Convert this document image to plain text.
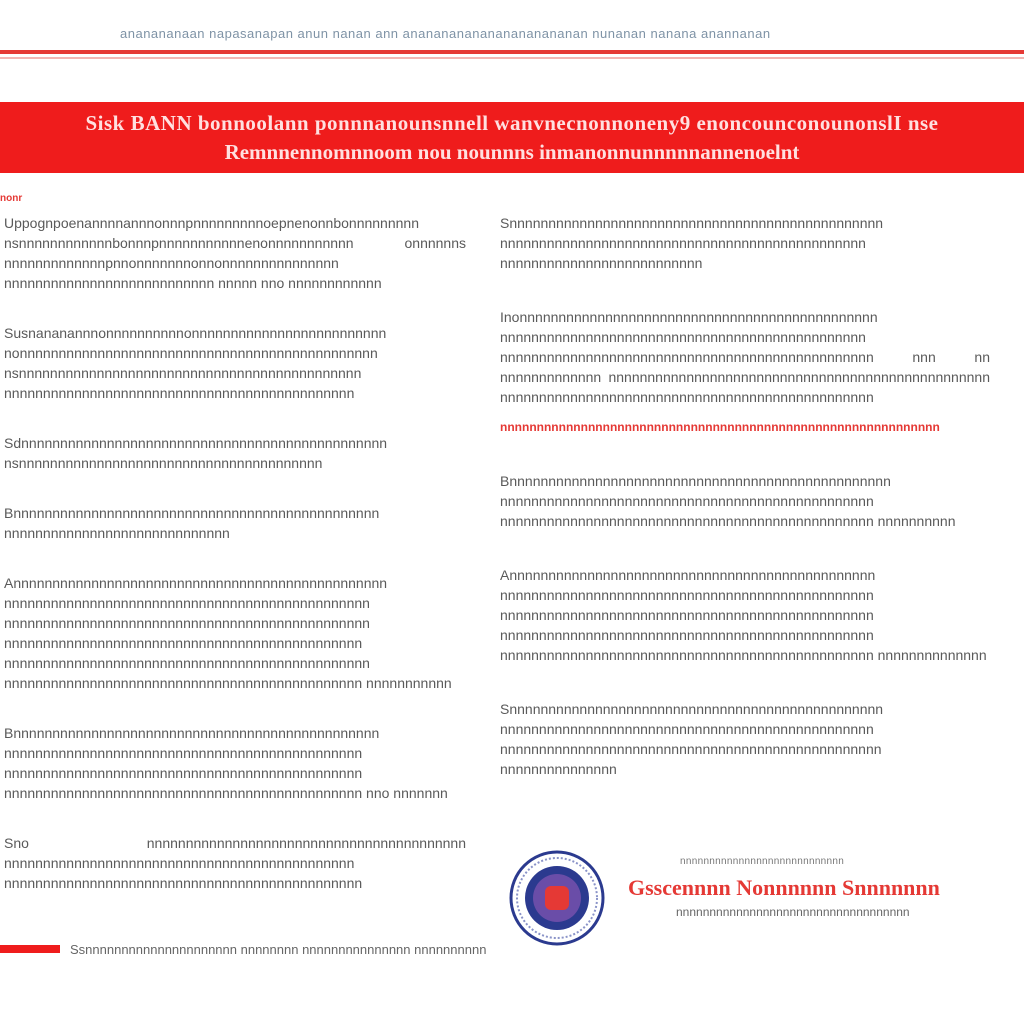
ananananaan napasanapan anun nanan ann anananananananananananan nunanan nanana anannanan
Sisk BANN bonnoolann ponnnanounsnnell wanvnecnonnoneny9 enoncounconounonslI nse
Remnnennomnnoom nou nounnns inmanonnunnnnnannenoelnt
nonr

Uppognpoenannnnannnonnnpnnnnnnnnnoepnenonnbonnnnnnnnn nsnnnnnnnnnnnnbonnnpnnnnnnnnnnnenonnnnnnnnnnn onnnnnns nnnnnnnnnnnnnpnnonnnnnnnonnonnnnnnnnnnnnnnn nnnnnnnnnnnnnnnnnnnnnnnnnnn nnnnn nno nnnnnnnnnnnn

Susnananannnonnnnnnnnnnonnnnnnnnnnnnnnnnnnnnnnnnn nonnnnnnnnnnnnnnnnnnnnnnnnnnnnnnnnnnnnnnnnnnnnnn nsnnnnnnnnnnnnnnnnnnnnnnnnnnnnnnnnnnnnnnnnnnnn nnnnnnnnnnnnnnnnnnnnnnnnnnnnnnnnnnnnnnnnnnnnn

Sdnnnnnnnnnnnnnnnnnnnnnnnnnnnnnnnnnnnnnnnnnnnnnnn nsnnnnnnnnnnnnnnnnnnnnnnnnnnnnnnnnnnnnnnn

Bnnnnnnnnnnnnnnnnnnnnnnnnnnnnnnnnnnnnnnnnnnnnnnn nnnnnnnnnnnnnnnnnnnnnnnnnnnnn

Annnnnnnnnnnnnnnnnnnnnnnnnnnnnnnnnnnnnnnnnnnnnnnn nnnnnnnnnnnnnnnnnnnnnnnnnnnnnnnnnnnnnnnnnnnnnnn nnnnnnnnnnnnnnnnnnnnnnnnnnnnnnnnnnnnnnnnnnnnnnn nnnnnnnnnnnnnnnnnnnnnnnnnnnnnnnnnnnnnnnnnnnnnn nnnnnnnnnnnnnnnnnnnnnnnnnnnnnnnnnnnnnnnnnnnnnnn nnnnnnnnnnnnnnnnnnnnnnnnnnnnnnnnnnnnnnnnnnnnnn nnnnnnnnnnn

Bnnnnnnnnnnnnnnnnnnnnnnnnnnnnnnnnnnnnnnnnnnnnnnn nnnnnnnnnnnnnnnnnnnnnnnnnnnnnnnnnnnnnnnnnnnnnn nnnnnnnnnnnnnnnnnnnnnnnnnnnnnnnnnnnnnnnnnnnnnn nnnnnnnnnnnnnnnnnnnnnnnnnnnnnnnnnnnnnnnnnnnnnn nno nnnnnnn

Sno nnnnnnnnnnnnnnnnnnnnnnnnnnnnnnnnnnnnnnnnn nnnnnnnnnnnnnnnnnnnnnnnnnnnnnnnnnnnnnnnnnnnnn nnnnnnnnnnnnnnnnnnnnnnnnnnnnnnnnnnnnnnnnnnnnnn

Snnnnnnnnnnnnnnnnnnnnnnnnnnnnnnnnnnnnnnnnnnnnnnnn nnnnnnnnnnnnnnnnnnnnnnnnnnnnnnnnnnnnnnnnnnnnnnn nnnnnnnnnnnnnnnnnnnnnnnnnn

Inonnnnnnnnnnnnnnnnnnnnnnnnnnnnnnnnnnnnnnnnnnnnnn nnnnnnnnnnnnnnnnnnnnnnnnnnnnnnnnnnnnnnnnnnnnnnn nnnnnnnnnnnnnnnnnnnnnnnnnnnnnnnnnnnnnnnnnnnnnnnn nnn nn nnnnnnnnnnnnn nnnnnnnnnnnnnnnnnnnnnnnnnnnnnnnnnnnnnnnnnnnnnnnnn nnnnnnnnnnnnnnnnnnnnnnnnnnnnnnnnnnnnnnnnnnnnnnnn

nnnnnnnnnnnnnnnnnnnnnnnnnnnnnnnnnnnnnnnnnnnnnnnnnnnnnnnnnnnn

Bnnnnnnnnnnnnnnnnnnnnnnnnnnnnnnnnnnnnnnnnnnnnnnnnn nnnnnnnnnnnnnnnnnnnnnnnnnnnnnnnnnnnnnnnnnnnnnnnn nnnnnnnnnnnnnnnnnnnnnnnnnnnnnnnnnnnnnnnnnnnnnnnn nnnnnnnnnn

Annnnnnnnnnnnnnnnnnnnnnnnnnnnnnnnnnnnnnnnnnnnnnn nnnnnnnnnnnnnnnnnnnnnnnnnnnnnnnnnnnnnnnnnnnnnnnn nnnnnnnnnnnnnnnnnnnnnnnnnnnnnnnnnnnnnnnnnnnnnnnn nnnnnnnnnnnnnnnnnnnnnnnnnnnnnnnnnnnnnnnnnnnnnnnn nnnnnnnnnnnnnnnnnnnnnnnnnnnnnnnnnnnnnnnnnnnnnnnn nnnnnnnnnnnnnn

Snnnnnnnnnnnnnnnnnnnnnnnnnnnnnnnnnnnnnnnnnnnnnnnn nnnnnnnnnnnnnnnnnnnnnnnnnnnnnnnnnnnnnnnnnnnnnnnn nnnnnnnnnnnnnnnnnnnnnnnnnnnnnnnnnnnnnnnnnnnnnnnnn nnnnnnnnnnnnnnn

nnnnnnnnnnnnnnnnnnnnnnnnnnnn
Gsscennnn Nonnnnnn Snnnnnnn
nnnnnnnnnnnnnnnnnnnnnnnnnnnnnnnnnnn
Ssnnnnnnnnnnnnnnnnnnnnn nnnnnnnn nnnnnnnnnnnnnnn nnnnnnnnnn
